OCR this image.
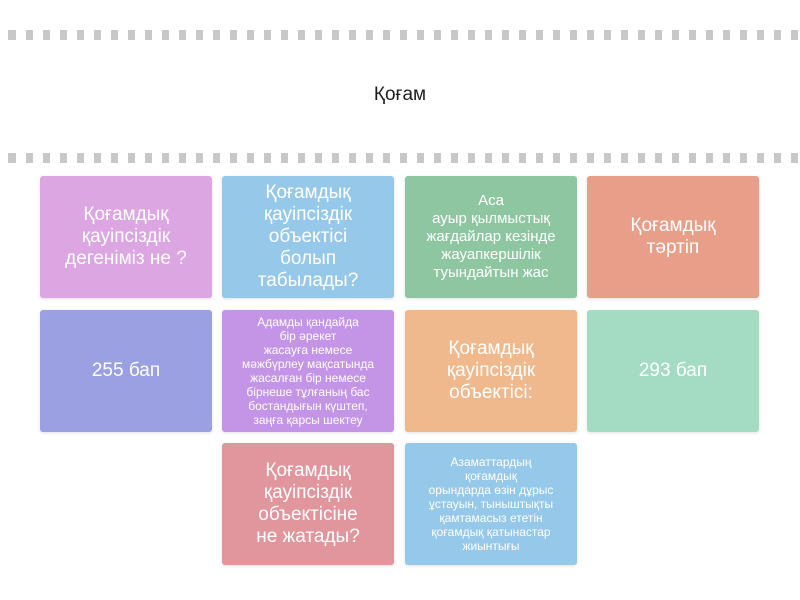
Қоғам
Қоғамдық
қауіпсіздік
дегеніміз не ?
Қоғамдық
қауіпсіздік
объектісі
болып
табылады?
Аса
ауыр қылмыстық
жағдайлар кезінде
жауапкершілік
туындайтын жас
Қоғамдық
тәртіп
255 бап
Адамды қандайда
бір әрекет
жасауға немесе
мәжбүрлеу мақсатында
жасалған бір немесе
бірнеше тұлғаның бас
бостандығын күштеп,
заңға қарсы шектеу
Қоғамдық
қауіпсіздік
объектісі:
293 бап
Қоғамдық
қауіпсіздік
объектісіне
не жатады?
Азаматтардың
қоғамдық
орындарда өзін дұрыс
ұстауын, тыныштықты
қамтамасыз ететін
қоғамдық қатынастар
жиынтығы
